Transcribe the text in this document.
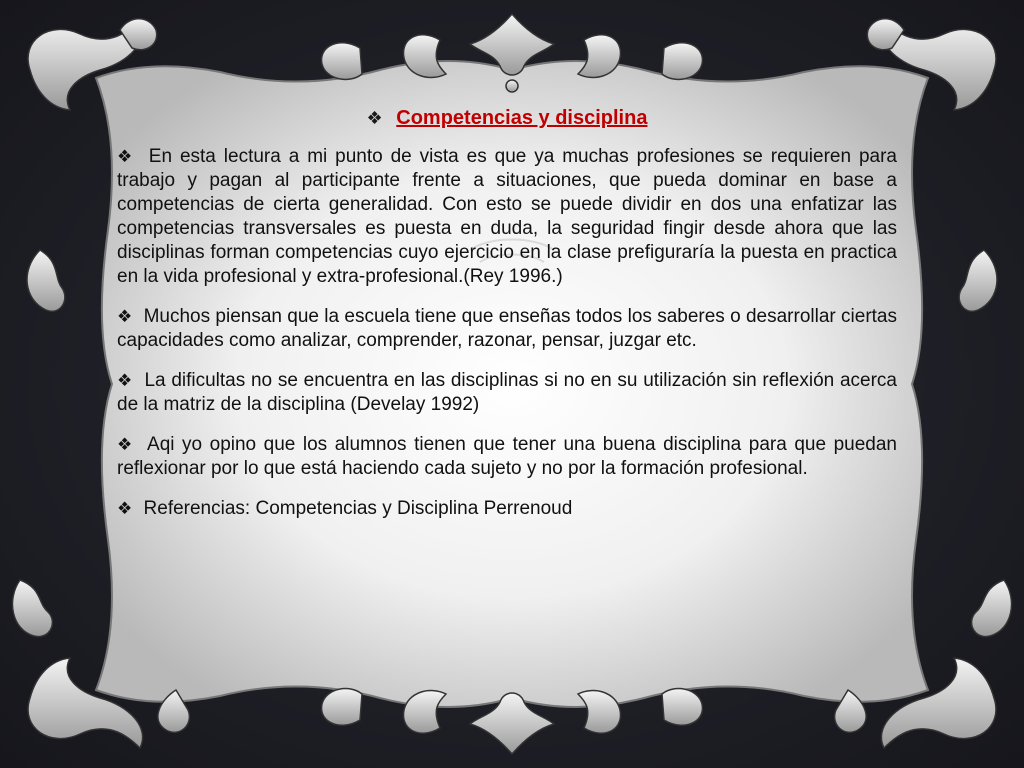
❖ Competencias y disciplina

❖ En esta lectura a mi punto de vista es que ya muchas profesiones se requieren para trabajo y pagan al participante frente a situaciones, que pueda dominar en base a competencias de cierta generalidad. Con esto se puede dividir en dos una enfatizar las competencias transversales es puesta en duda, la seguridad fingir desde ahora que las disciplinas forman competencias cuyo ejercicio en la clase prefiguraría la puesta en practica en la vida profesional y extra-profesional.(Rey 1996.)

❖ Muchos piensan que la escuela tiene que enseñas todos los saberes o desarrollar ciertas capacidades como analizar, comprender, razonar, pensar, juzgar etc.

❖ La dificultas no se encuentra en las disciplinas si no en su utilización sin reflexión acerca de la matriz de la disciplina (Develay 1992)

❖ Aqi yo opino que los alumnos tienen que tener una buena disciplina para que puedan reflexionar por lo que está haciendo cada sujeto y no por la formación profesional.

❖ Referencias: Competencias y Disciplina Perrenoud
